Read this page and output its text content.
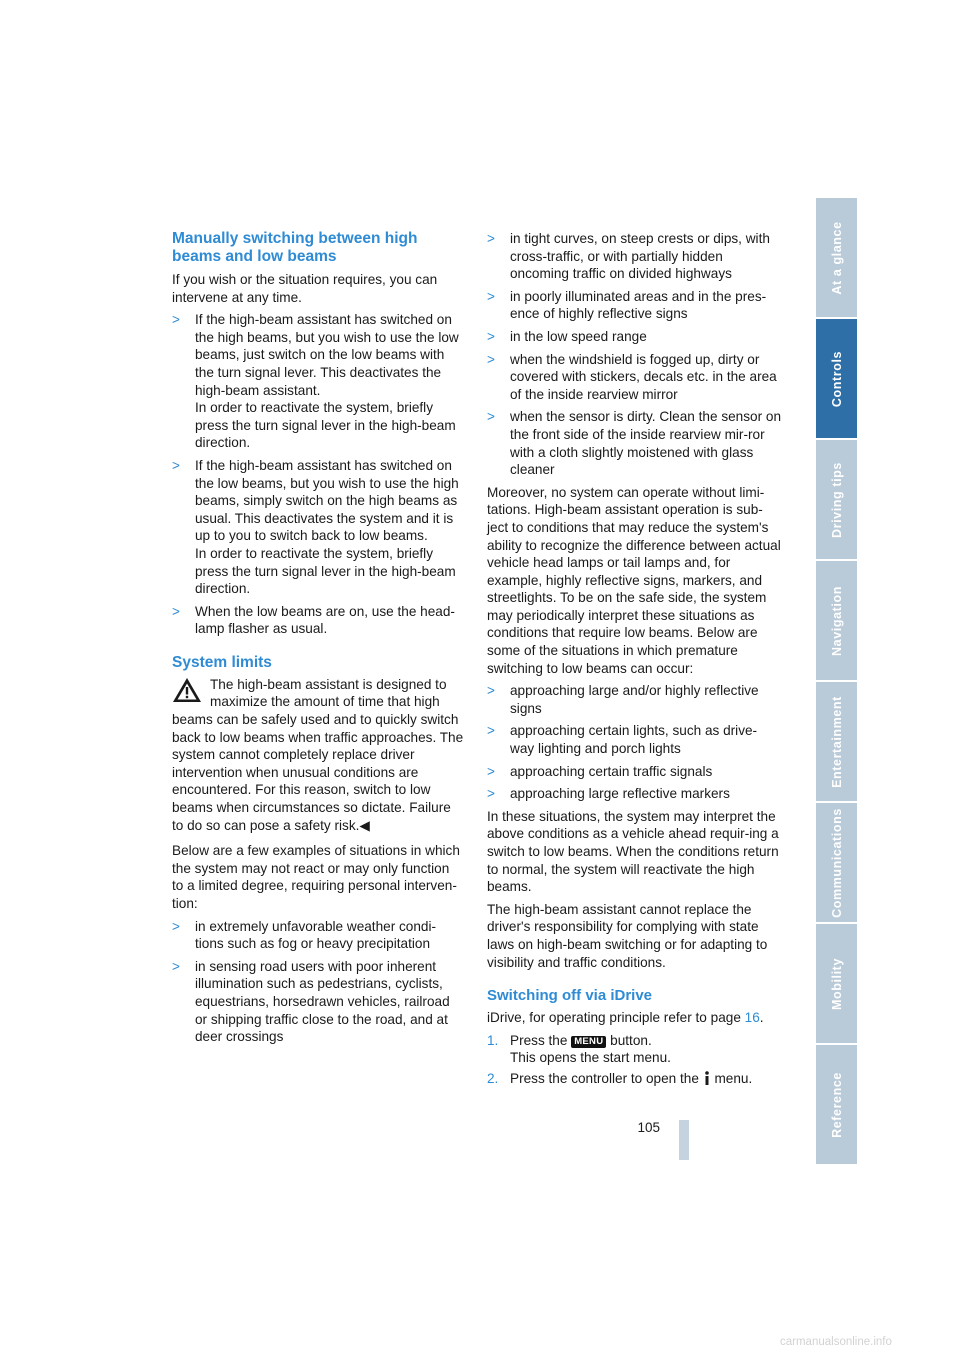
Manually switching between high beams and low beams

If you wish or the situation requires, you can intervene at any time.

> If the high-beam assistant has switched on the high beams, but you wish to use the low beams, just switch on the low beams with the turn signal lever. This deactivates the high-beam assistant.
In order to reactivate the system, briefly press the turn signal lever in the high-beam direction.
> If the high-beam assistant has switched on the low beams, but you wish to use the high beams, simply switch on the high beams as usual. This deactivates the system and it is up to you to switch back to low beams.
In order to reactivate the system, briefly press the turn signal lever in the high-beam direction.
> When the low beams are on, use the head-lamp flasher as usual.
System limits
The high-beam assistant is designed to maximize the amount of time that high beams can be safely used and to quickly switch back to low beams when traffic approaches. The system cannot completely replace driver intervention when unusual conditions are encountered. For this reason, switch to low beams when circumstances so dictate. Failure to do so can pose a safety risk.◀

Below are a few examples of situations in which the system may not react or may only function to a limited degree, requiring personal interven-tion:

> in extremely unfavorable weather condi-tions such as fog or heavy precipitation
> in sensing road users with poor inherent illumination such as pedestrians, cyclists, equestrians, horsedrawn vehicles, railroad or shipping traffic close to the road, and at deer crossings
> in tight curves, on steep crests or dips, with cross-traffic, or with partially hidden oncoming traffic on divided highways
> in poorly illuminated areas and in the pres-ence of highly reflective signs
> in the low speed range
> when the windshield is fogged up, dirty or covered with stickers, decals etc. in the area of the inside rearview mirror
> when the sensor is dirty. Clean the sensor on the front side of the inside rearview mir-ror with a cloth slightly moistened with glass cleaner

Moreover, no system can operate without limi-tations. High-beam assistant operation is sub-ject to conditions that may reduce the system's ability to recognize the difference between actual vehicle head lamps or tail lamps and, for example, highly reflective signs, markers, and streetlights. To be on the safe side, the system may periodically interpret these situations as conditions that require low beams. Below are some of the situations in which premature switching to low beams can occur:

> approaching large and/or highly reflective signs
> approaching certain lights, such as drive-way lighting and porch lights
> approaching certain traffic signals
> approaching large reflective markers

In these situations, the system may interpret the above conditions as a vehicle ahead requir-ing a switch to low beams. When the conditions return to normal, the system will reactivate the high beams.

The high-beam assistant cannot replace the driver's responsibility for complying with state laws on high-beam switching or for adapting to visibility and traffic conditions.

Switching off via iDrive

iDrive, for operating principle refer to page 16.

1. Press the MENU button.
This opens the start menu.
2. Press the controller to open the menu.
At a glance
Controls
Driving tips
Navigation
Entertainment
Communications
Mobility
Reference
105
carmanualsonline.info
